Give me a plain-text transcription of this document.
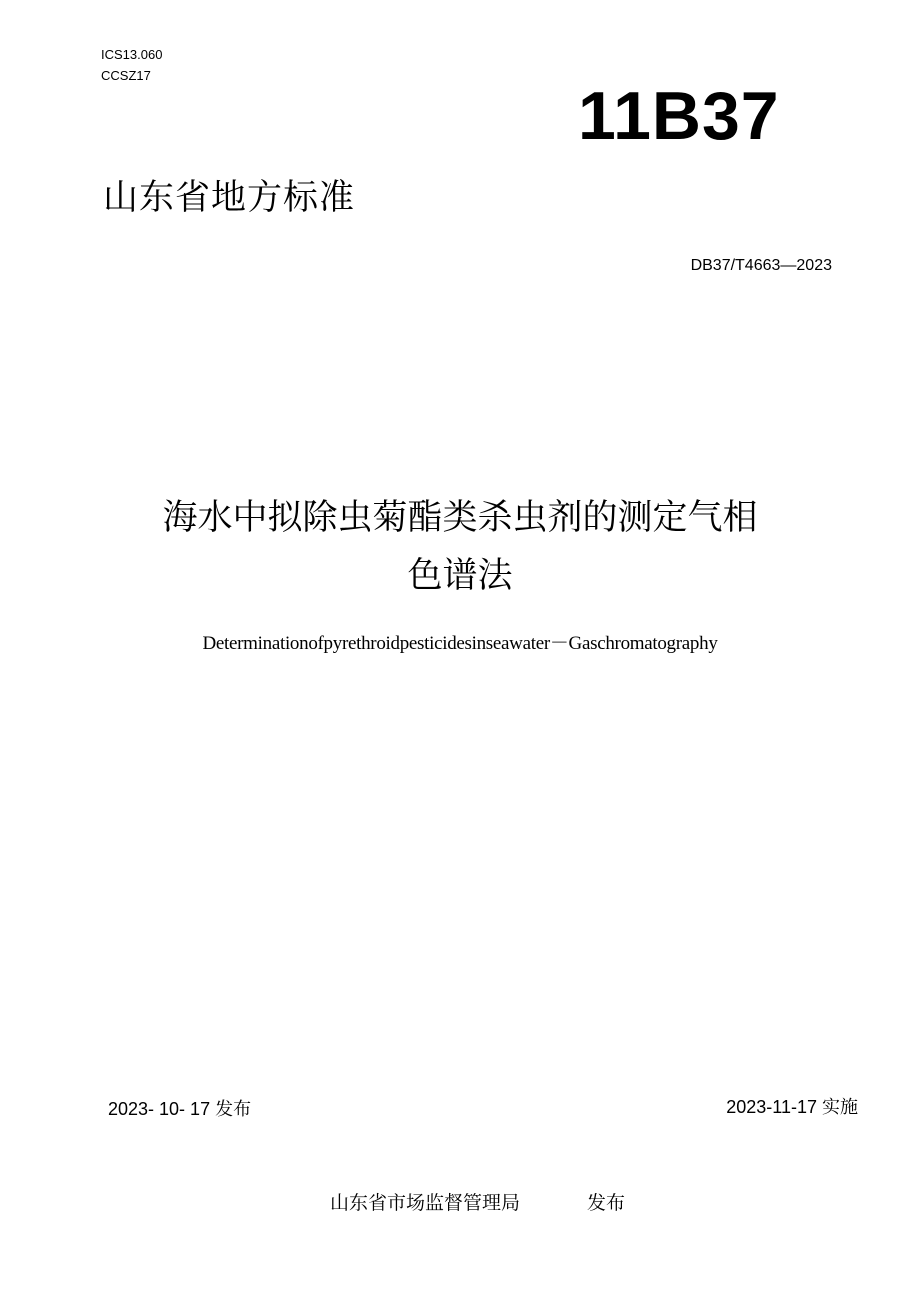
ICS13.060
CCSZ17
11B37
山东省地方标准
DB37/T4663—2023
海水中拟除虫菊酯类杀虫剂的测定气相
色谱法
Determinationofpyrethroidpesticidesinseawater－Gaschromatography
2023- 10- 17 发布	2023-11-17 实施
山东省市场监督管理局	发布
